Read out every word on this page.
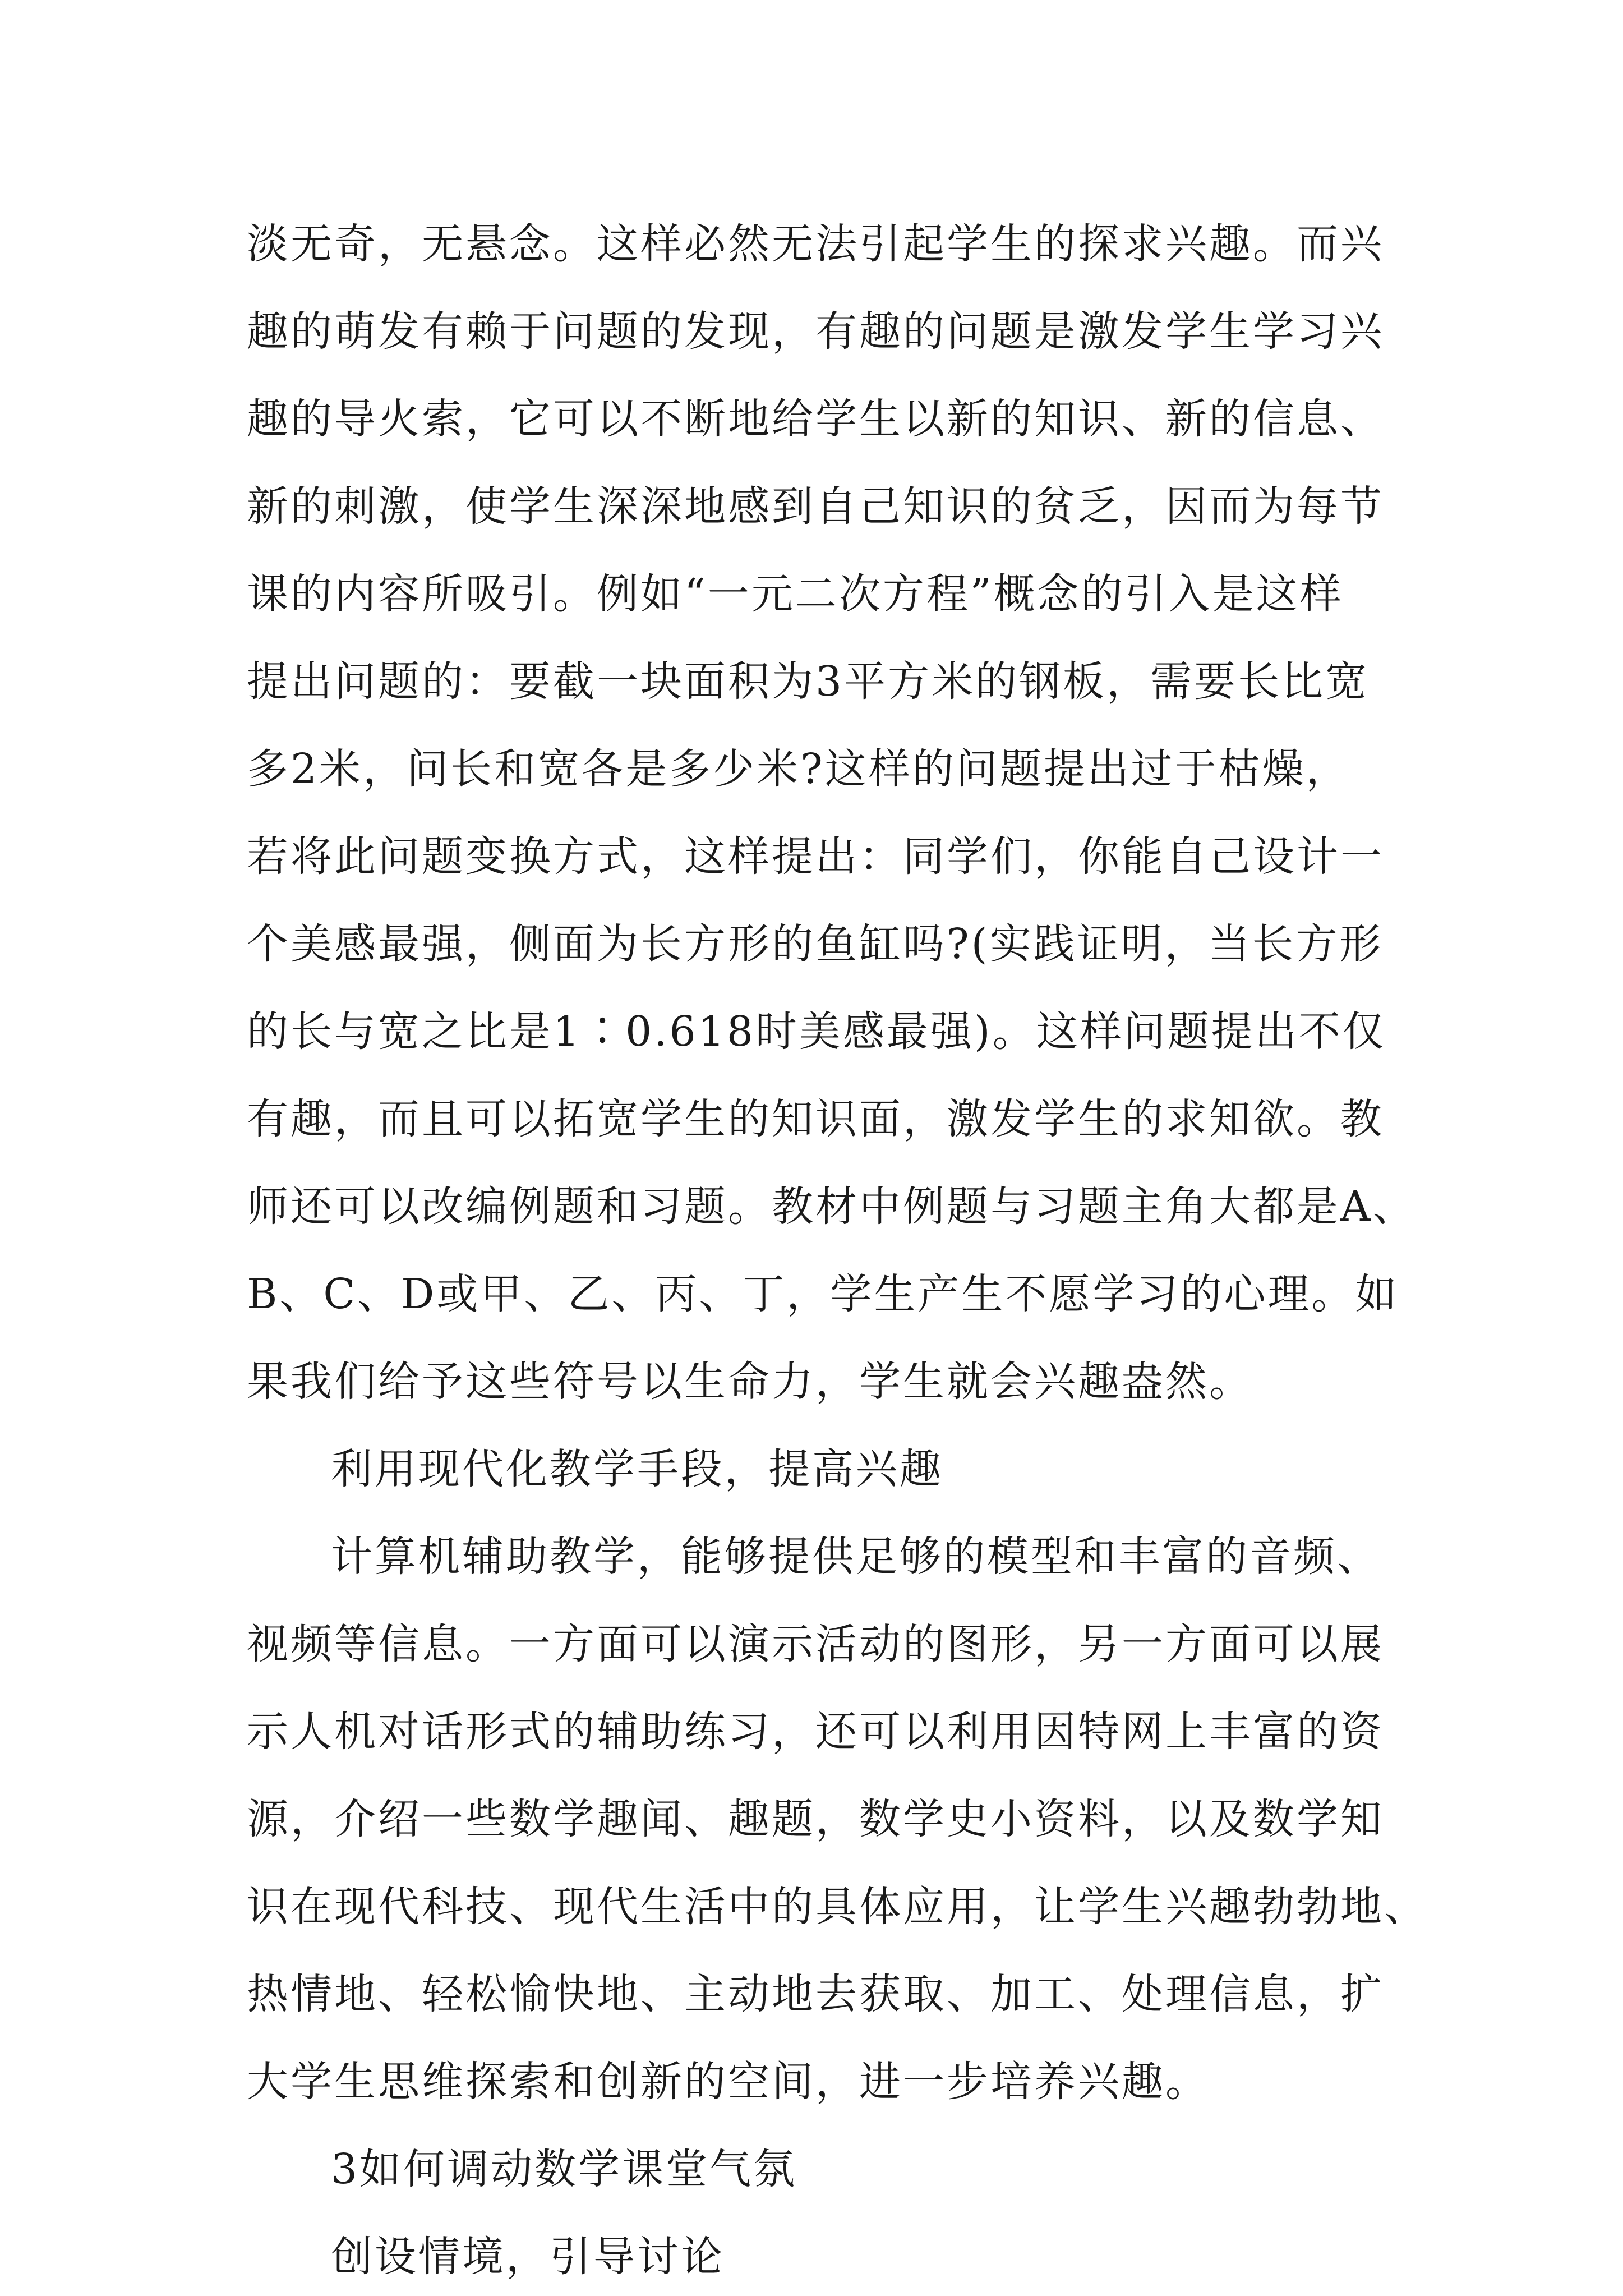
淡无奇，无悬念。这样必然无法引起学生的探求兴趣。而兴
趣的萌发有赖于问题的发现，有趣的问题是激发学生学习兴
趣的导火索，它可以不断地给学生以新的知识、新的信息、
新的刺激，使学生深深地感到自己知识的贫乏，因而为每节
课的内容所吸引。例如“一元二次方程”概念的引入是这样
提出问题的：要截一块面积为3平方米的钢板，需要长比宽
多2米，问长和宽各是多少米?这样的问题提出过于枯燥，
若将此问题变换方式，这样提出：同学们，你能自己设计一
个美感最强，侧面为长方形的鱼缸吗?(实践证明，当长方形
的长与宽之比是1∶0.618时美感最强)。这样问题提出不仅
有趣，而且可以拓宽学生的知识面，激发学生的求知欲。教
师还可以改编例题和习题。教材中例题与习题主角大都是A、
B、C、D或甲、乙、丙、丁，学生产生不愿学习的心理。如
果我们给予这些符号以生命力，学生就会兴趣盎然。
利用现代化教学手段，提高兴趣
计算机辅助教学，能够提供足够的模型和丰富的音频、
视频等信息。一方面可以演示活动的图形，另一方面可以展
示人机对话形式的辅助练习，还可以利用因特网上丰富的资
源，介绍一些数学趣闻、趣题，数学史小资料，以及数学知
识在现代科技、现代生活中的具体应用，让学生兴趣勃勃地、
热情地、轻松愉快地、主动地去获取、加工、处理信息，扩
大学生思维探索和创新的空间，进一步培养兴趣。
3如何调动数学课堂气氛
创设情境，引导讨论
